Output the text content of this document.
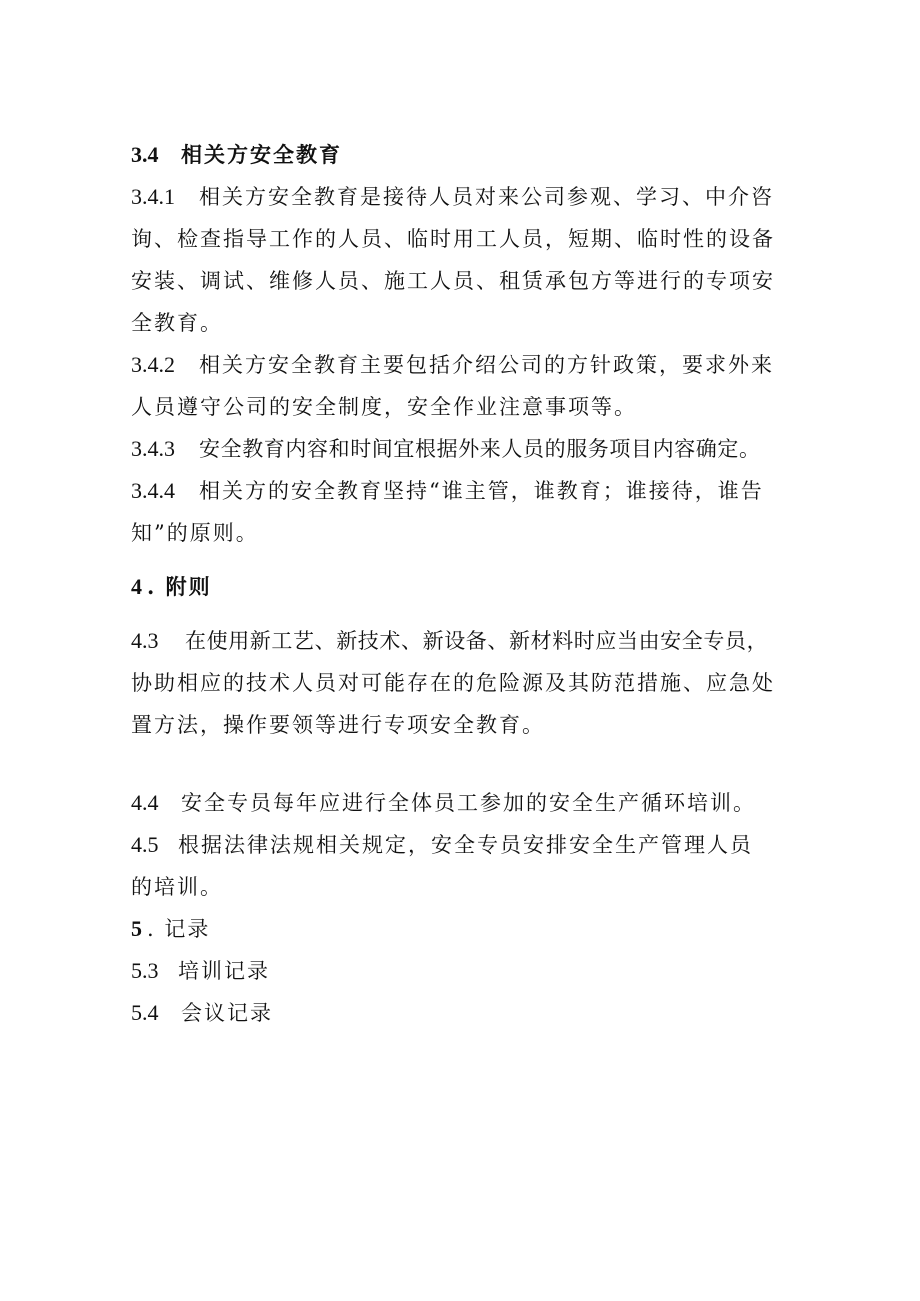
3.4 相关方安全教育
3.4.1 相关方安全教育是接待人员对来公司参观、学习、中介咨
询、检查指导工作的人员、临时用工人员，短期、临时性的设备
安装、调试、维修人员、施工人员、租赁承包方等进行的专项安
全教育。
3.4.2 相关方安全教育主要包括介绍公司的方针政策，要求外来
人员遵守公司的安全制度，安全作业注意事项等。
3.4.3 安全教育内容和时间宜根据外来人员的服务项目内容确定。
3.4.4 相关方的安全教育坚持“谁主管，谁教育；谁接待，谁告
知”的原则。
4 . 附则
4.3 在使用新工艺、新技术、新设备、新材料时应当由安全专员，
协助相应的技术人员对可能存在的危险源及其防范措施、应急处
置方法，操作要领等进行专项安全教育。
4.4 安全专员每年应进行全体员工参加的安全生产循环培训。
4.5 根据法律法规相关规定，安全专员安排安全生产管理人员
的培训。
5 . 记录
5.3 培训记录
5.4 会议记录
